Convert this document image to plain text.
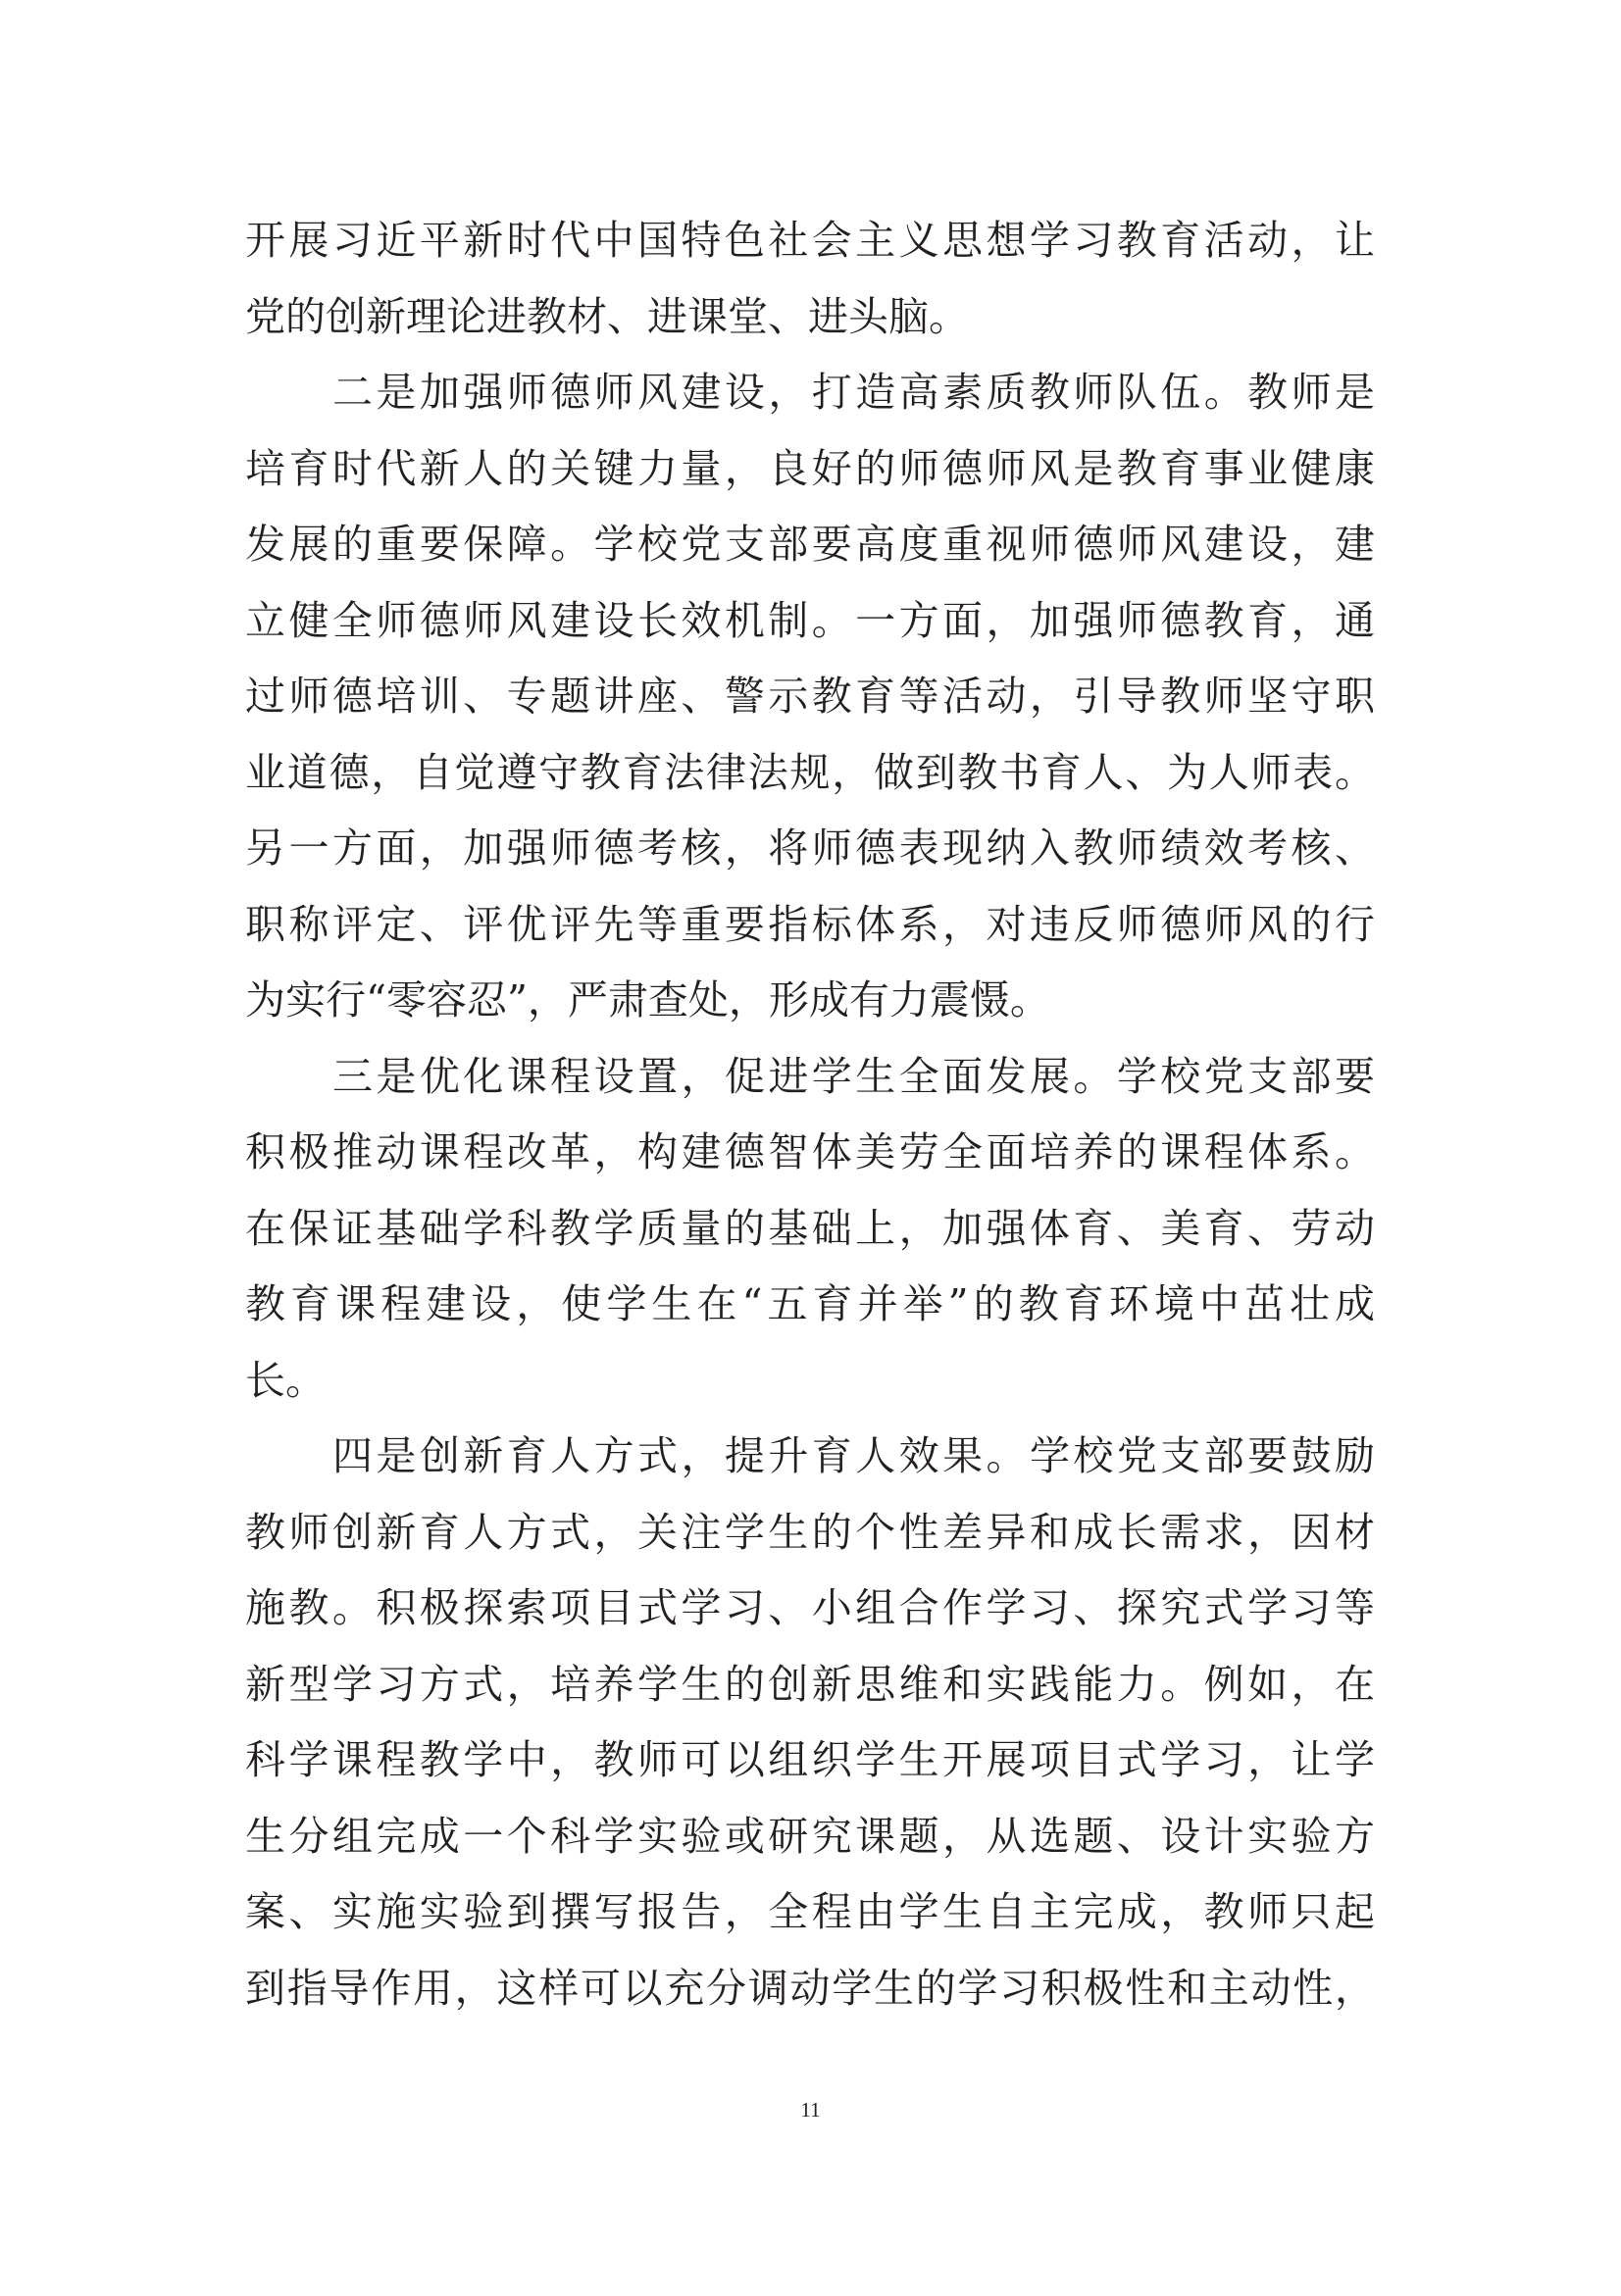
开展习近平新时代中国特色社会主义思想学习教育活动，让
党的创新理论进教材、进课堂、进头脑。
二是加强师德师风建设，打造高素质教师队伍。教师是
培育时代新人的关键力量，良好的师德师风是教育事业健康
发展的重要保障。学校党支部要高度重视师德师风建设，建
立健全师德师风建设长效机制。一方面，加强师德教育，通
过师德培训、专题讲座、警示教育等活动，引导教师坚守职
业道德，自觉遵守教育法律法规，做到教书育人、为人师表。
另一方面，加强师德考核，将师德表现纳入教师绩效考核、
职称评定、评优评先等重要指标体系，对违反师德师风的行
为实行“零容忍”，严肃查处，形成有力震慑。
三是优化课程设置，促进学生全面发展。学校党支部要
积极推动课程改革，构建德智体美劳全面培养的课程体系。
在保证基础学科教学质量的基础上，加强体育、美育、劳动
教育课程建设，使学生在“五育并举”的教育环境中茁壮成
长。
四是创新育人方式，提升育人效果。学校党支部要鼓励
教师创新育人方式，关注学生的个性差异和成长需求，因材
施教。积极探索项目式学习、小组合作学习、探究式学习等
新型学习方式，培养学生的创新思维和实践能力。例如，在
科学课程教学中，教师可以组织学生开展项目式学习，让学
生分组完成一个科学实验或研究课题，从选题、设计实验方
案、实施实验到撰写报告，全程由学生自主完成，教师只起
到指导作用，这样可以充分调动学生的学习积极性和主动性，
11
